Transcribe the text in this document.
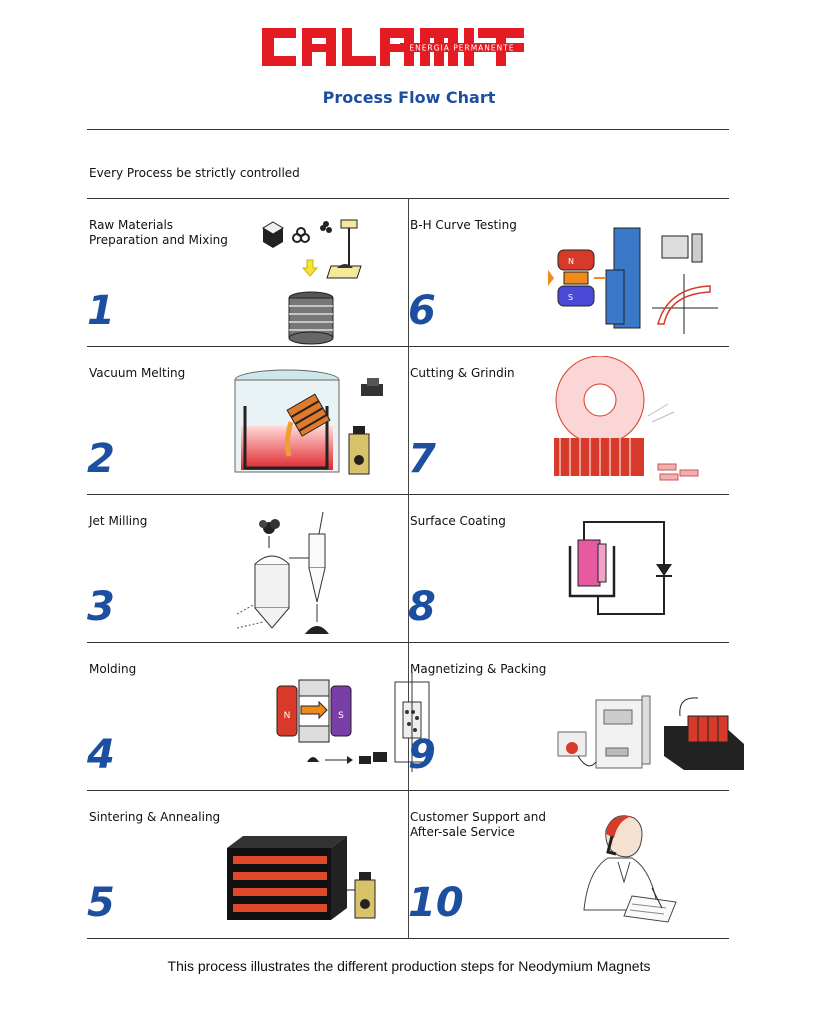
ENERGIA PERMANENTE
Process Flow Chart
Every Process be strictly controlled
Raw Materials
Preparation and Mixing
1
Vacuum Melting
2
Jet Milling
3
Molding
4
N	S
Sintering & Annealing
5
B-H Curve Testing
6
N
S
Cutting & Grindin
7
Surface Coating
8
Magnetizing & Packing
9
Customer Support and
After-sale Service
10
This process illustrates the different production steps for Neodymium Magnets
